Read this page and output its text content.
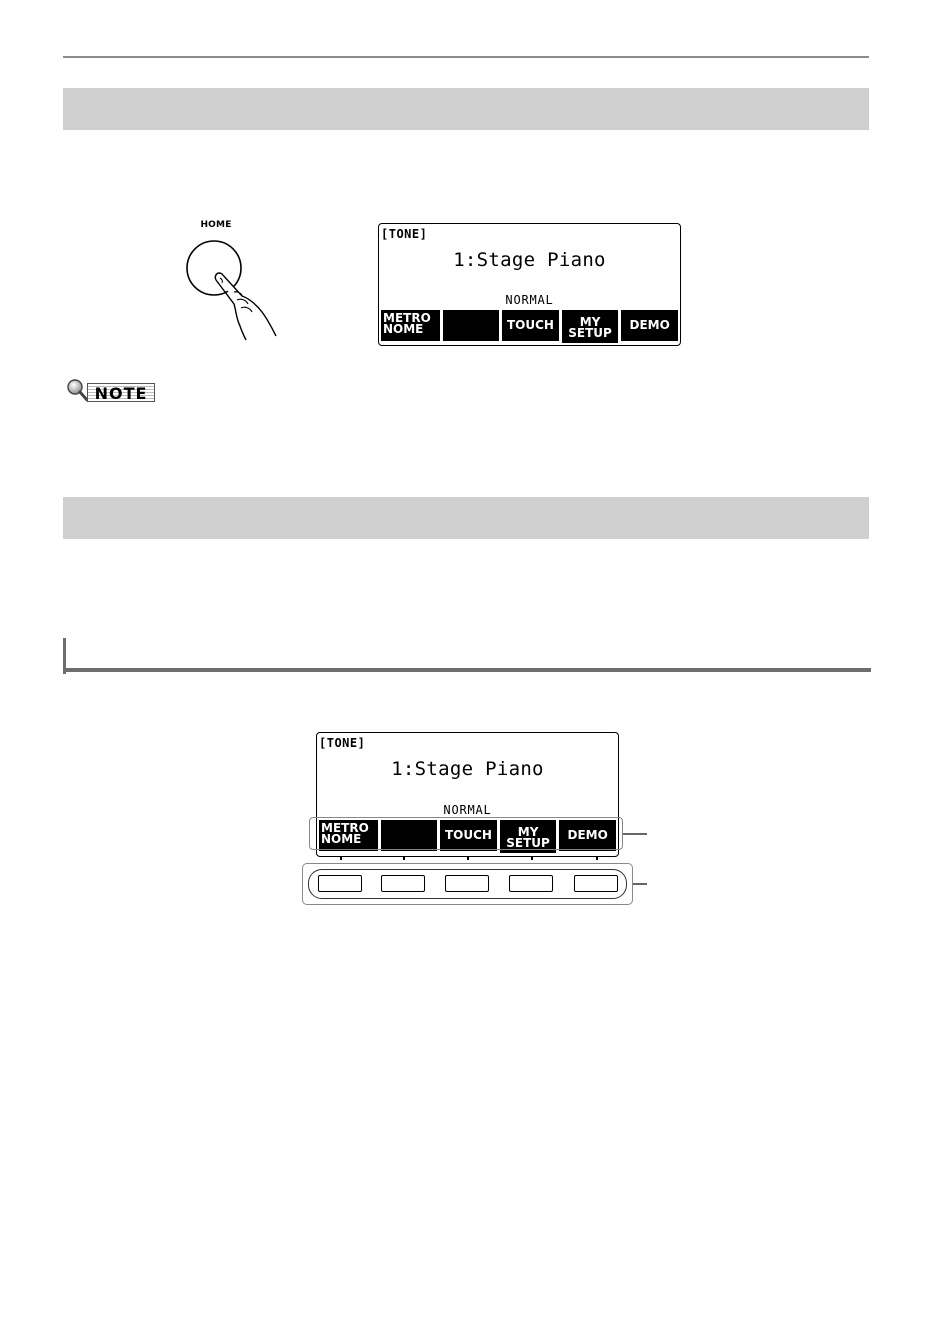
HOME
[TONE]
1:Stage Piano
NORMAL
METRO
NOME	TOUCH MY
SETUP
DEMO
NOTE
[TONE]
1:Stage Piano
NORMAL
METRO
NOME	TOUCH MY
SETUP
DEMO
